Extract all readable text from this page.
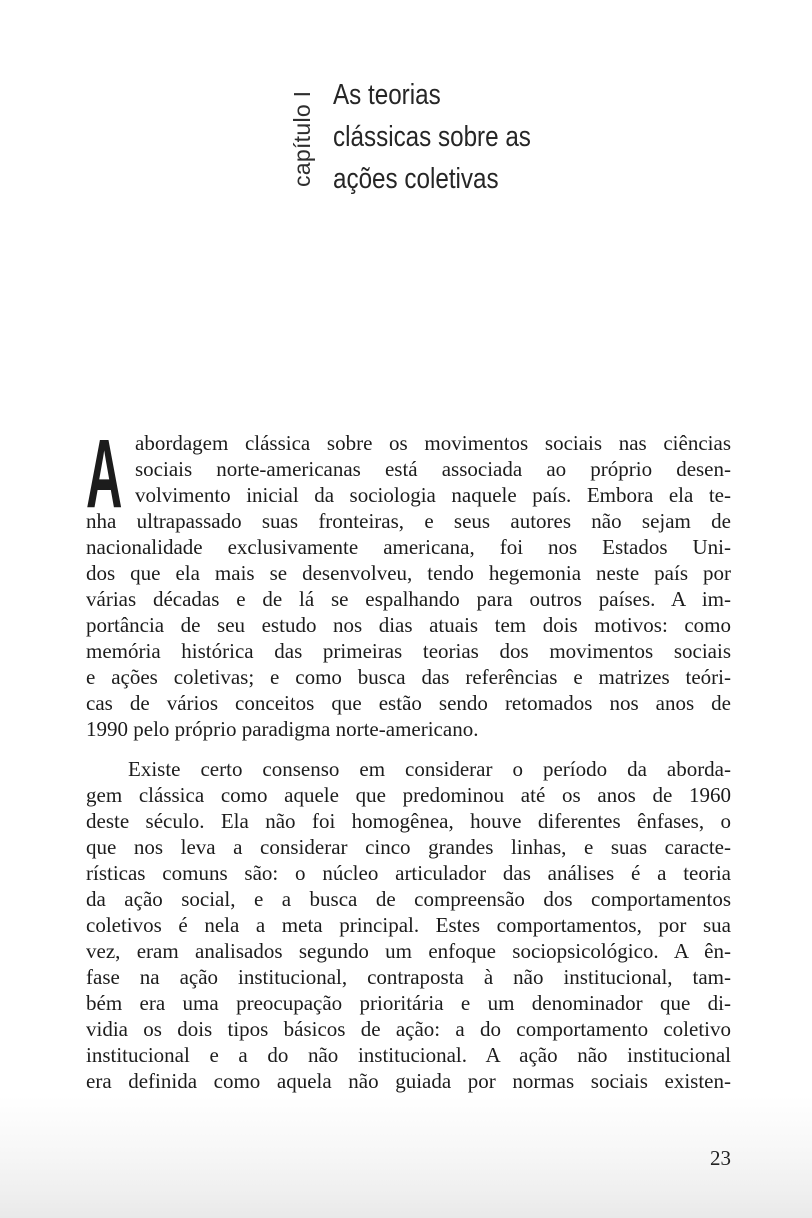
capítulo I As teorias
clássicas sobre as
ações coletivas
A abordagem clássica sobre os movimentos sociais nas ciências
sociais norte-americanas está associada ao próprio desen-
volvimento inicial da sociologia naquele país. Embora ela te-
nha ultrapassado suas fronteiras, e seus autores não sejam de
nacionalidade exclusivamente americana, foi nos Estados Uni-
dos que ela mais se desenvolveu, tendo hegemonia neste país por
várias décadas e de lá se espalhando para outros países. A im-
portância de seu estudo nos dias atuais tem dois motivos: como
memória histórica das primeiras teorias dos movimentos sociais
e ações coletivas; e como busca das referências e matrizes teóri-
cas de vários conceitos que estão sendo retomados nos anos de
1990 pelo próprio paradigma norte-americano.
Existe certo consenso em considerar o período da aborda-
gem clássica como aquele que predominou até os anos de 1960
deste século. Ela não foi homogênea, houve diferentes ênfases, o
que nos leva a considerar cinco grandes linhas, e suas caracte-
rísticas comuns são: o núcleo articulador das análises é a teoria
da ação social, e a busca de compreensão dos comportamentos
coletivos é nela a meta principal. Estes comportamentos, por sua
vez, eram analisados segundo um enfoque sociopsicológico. A ên-
fase na ação institucional, contraposta à não institucional, tam-
bém era uma preocupação prioritária e um denominador que di-
vidia os dois tipos básicos de ação: a do comportamento coletivo
institucional e a do não institucional. A ação não institucional
era definida como aquela não guiada por normas sociais existen-
23
